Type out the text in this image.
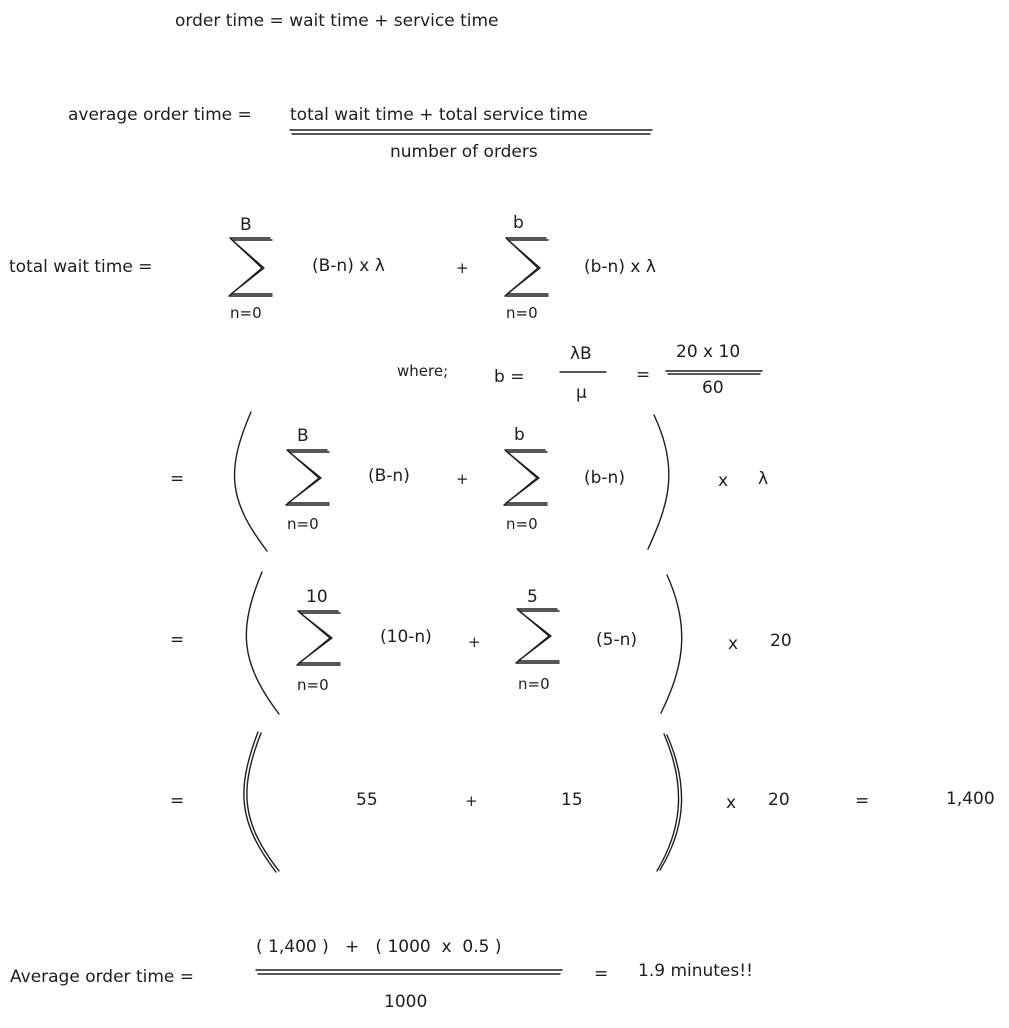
order time = wait time + service time
average order time = total wait time + total service time
number of orders
total wait time =
B
n=0
(B-n) x λ	+
b
n=0
(b-n) x λ
where;	b =
λB
μ
=
20 x 10
60
=
B
n=0
(B-n)	+
b
n=0
(b-n)	x λ
=
10
n=0
(10-n) +
5
n=0
(5-n)	x 20
=	55	+	15	x 20	=	1,400
Average order time =
( 1,400 )   +   ( 1000  x  0.5 )
1000
= 1.9 minutes!!
